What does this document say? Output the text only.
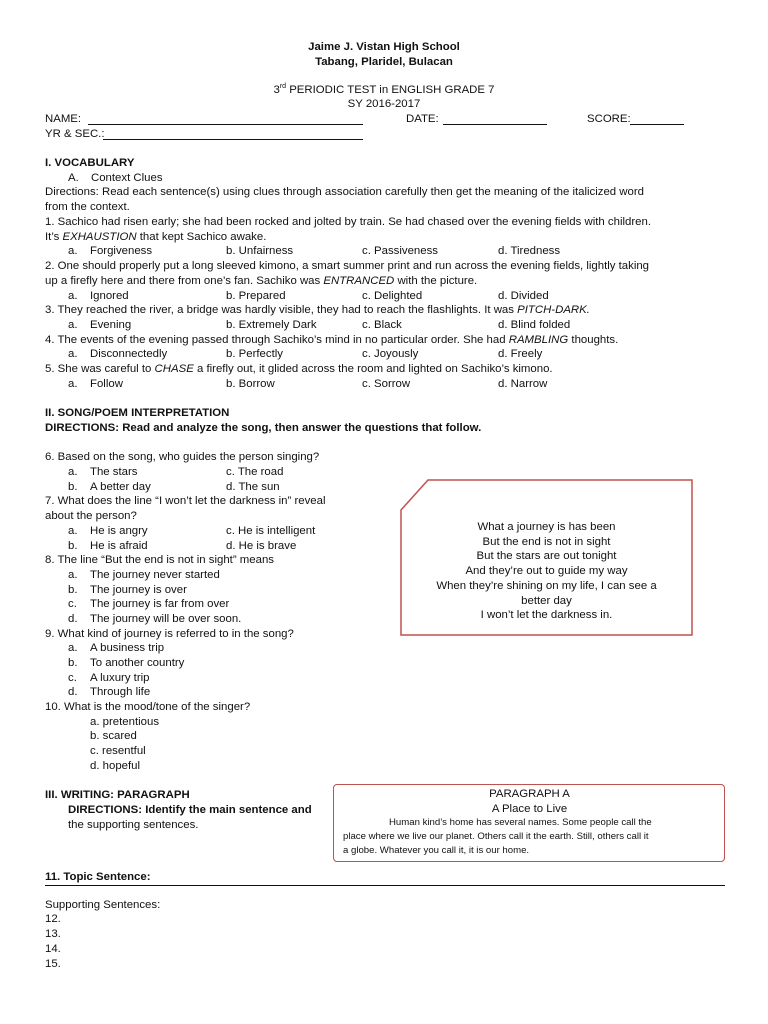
Jaime J. Vistan High School
Tabang, Plaridel, Bulacan
3rd PERIODIC TEST in ENGLISH GRADE 7
SY 2016-2017
NAME:	DATE:	SCORE:
YR & SEC.:
I. VOCABULARY
A. Context Clues
Directions: Read each sentence(s) using clues through association carefully then get the meaning of the italicized word
from the context.
1. Sachico had risen early; she had been rocked and jolted by train. Se had chased over the evening fields with children.
It’s EXHAUSTION that kept Sachico awake.
a. Forgiveness	b. Unfairness	c. Passiveness	d. Tiredness
2. One should properly put a long sleeved kimono, a smart summer print and run across the evening fields, lightly taking
up a firefly here and there from one’s fan. Sachiko was ENTRANCED with the picture.
a. Ignored	b. Prepared	c. Delighted	d. Divided
3. They reached the river, a bridge was hardly visible, they had to reach the flashlights. It was PITCH-DARK.
a. Evening	b. Extremely Dark	c. Black	d. Blind folded
4. The events of the evening passed through Sachiko’s mind in no particular order. She had RAMBLING thoughts.
a. Disconnectedly	b. Perfectly	c. Joyously	d. Freely
5. She was careful to CHASE a firefly out, it glided across the room and lighted on Sachiko’s kimono.
a. Follow	b. Borrow	c. Sorrow	d. Narrow
II. SONG/POEM INTERPRETATION
DIRECTIONS: Read and analyze the song, then answer the questions that follow.
6. Based on the song, who guides the person singing?
a. The stars	c. The road
b. A better day	d. The sun
7. What does the line “I won’t let the darkness in” reveal
about the person?
a. He is angry	c. He is intelligent
b. He is afraid	d. He is brave
8. The line “But the end is not in sight” means
a. The journey never started
b. The journey is over
c. The journey is far from over
d. The journey will be over soon.
9. What kind of journey is referred to in the song?
a. A business trip
b. To another country
c. A luxury trip
d. Through life
10. What is the mood/tone of the singer?
a. pretentious
b. scared
c. resentful
d. hopeful
What a journey is has been
But the end is not in sight
But the stars are out tonight
And they’re out to guide my way
When they’re shining on my life, I can see a
better day
I won’t let the darkness in.
III. WRITING: PARAGRAPH
DIRECTIONS: Identify the main sentence and
the supporting sentences.
PARAGRAPH A
A Place to Live
Human kind’s home has several names. Some people call the
place where we live our planet. Others call it the earth. Still, others call it
a globe. Whatever you call it, it is our home.
11. Topic Sentence:
Supporting Sentences:
12.
13.
14.
15.
